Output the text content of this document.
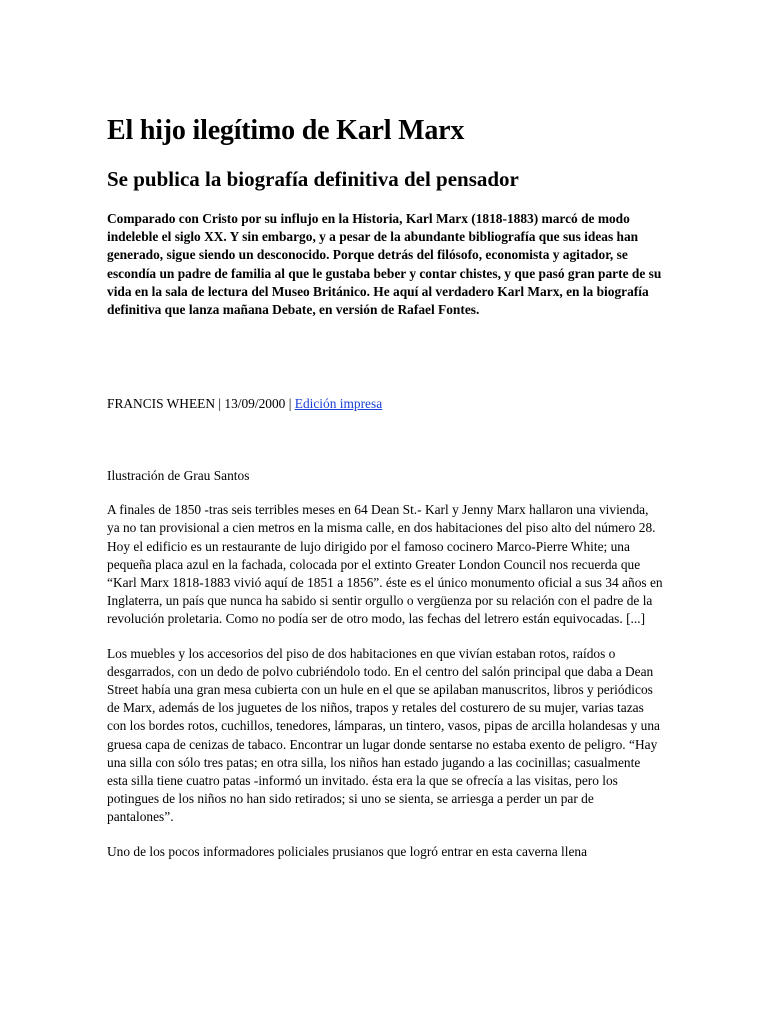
El hijo ilegítimo de Karl Marx
Se publica la biografía definitiva del pensador

Comparado con Cristo por su influjo en la Historia, Karl Marx (1818-1883) marcó de modo indeleble el siglo XX. Y sin embargo, y a pesar de la abundante bibliografía que sus ideas han generado, sigue siendo un desconocido. Porque detrás del filósofo, economista y agitador, se escondía un padre de familia al que le gustaba beber y contar chistes, y que pasó gran parte de su vida en la sala de lectura del Museo Británico. He aquí al verdadero Karl Marx, en la biografía definitiva que lanza mañana Debate, en versión de Rafael Fontes.

FRANCIS WHEEN | 13/09/2000 | Edición impresa

Ilustración de Grau Santos

A finales de 1850 -tras seis terribles meses en 64 Dean St.- Karl y Jenny Marx hallaron una vivienda, ya no tan provisional a cien metros en la misma calle, en dos habitaciones del piso alto del número 28. Hoy el edificio es un restaurante de lujo dirigido por el famoso cocinero Marco-Pierre White; una pequeña placa azul en la fachada, colocada por el extinto Greater London Council nos recuerda que “Karl Marx 1818-1883 vivió aquí de 1851 a 1856”. éste es el único monumento oficial a sus 34 años en Inglaterra, un país que nunca ha sabido si sentir orgullo o vergüenza por su relación con el padre de la revolución proletaria. Como no podía ser de otro modo, las fechas del letrero están equivocadas. [...]

Los muebles y los accesorios del piso de dos habitaciones en que vivían estaban rotos, raídos o desgarrados, con un dedo de polvo cubriéndolo todo. En el centro del salón principal que daba a Dean Street había una gran mesa cubierta con un hule en el que se apilaban manuscritos, libros y periódicos de Marx, además de los juguetes de los niños, trapos y retales del costurero de su mujer, varias tazas con los bordes rotos, cuchillos, tenedores, lámparas, un tintero, vasos, pipas de arcilla holandesas y una gruesa capa de cenizas de tabaco. Encontrar un lugar donde sentarse no estaba exento de peligro. “Hay una silla con sólo tres patas; en otra silla, los niños han estado jugando a las cocinillas; casualmente esta silla tiene cuatro patas -informó un invitado. ésta era la que se ofrecía a las visitas, pero los potingues de los niños no han sido retirados; si uno se sienta, se arriesga a perder un par de pantalones”.

Uno de los pocos informadores policiales prusianos que logró entrar en esta caverna llena
